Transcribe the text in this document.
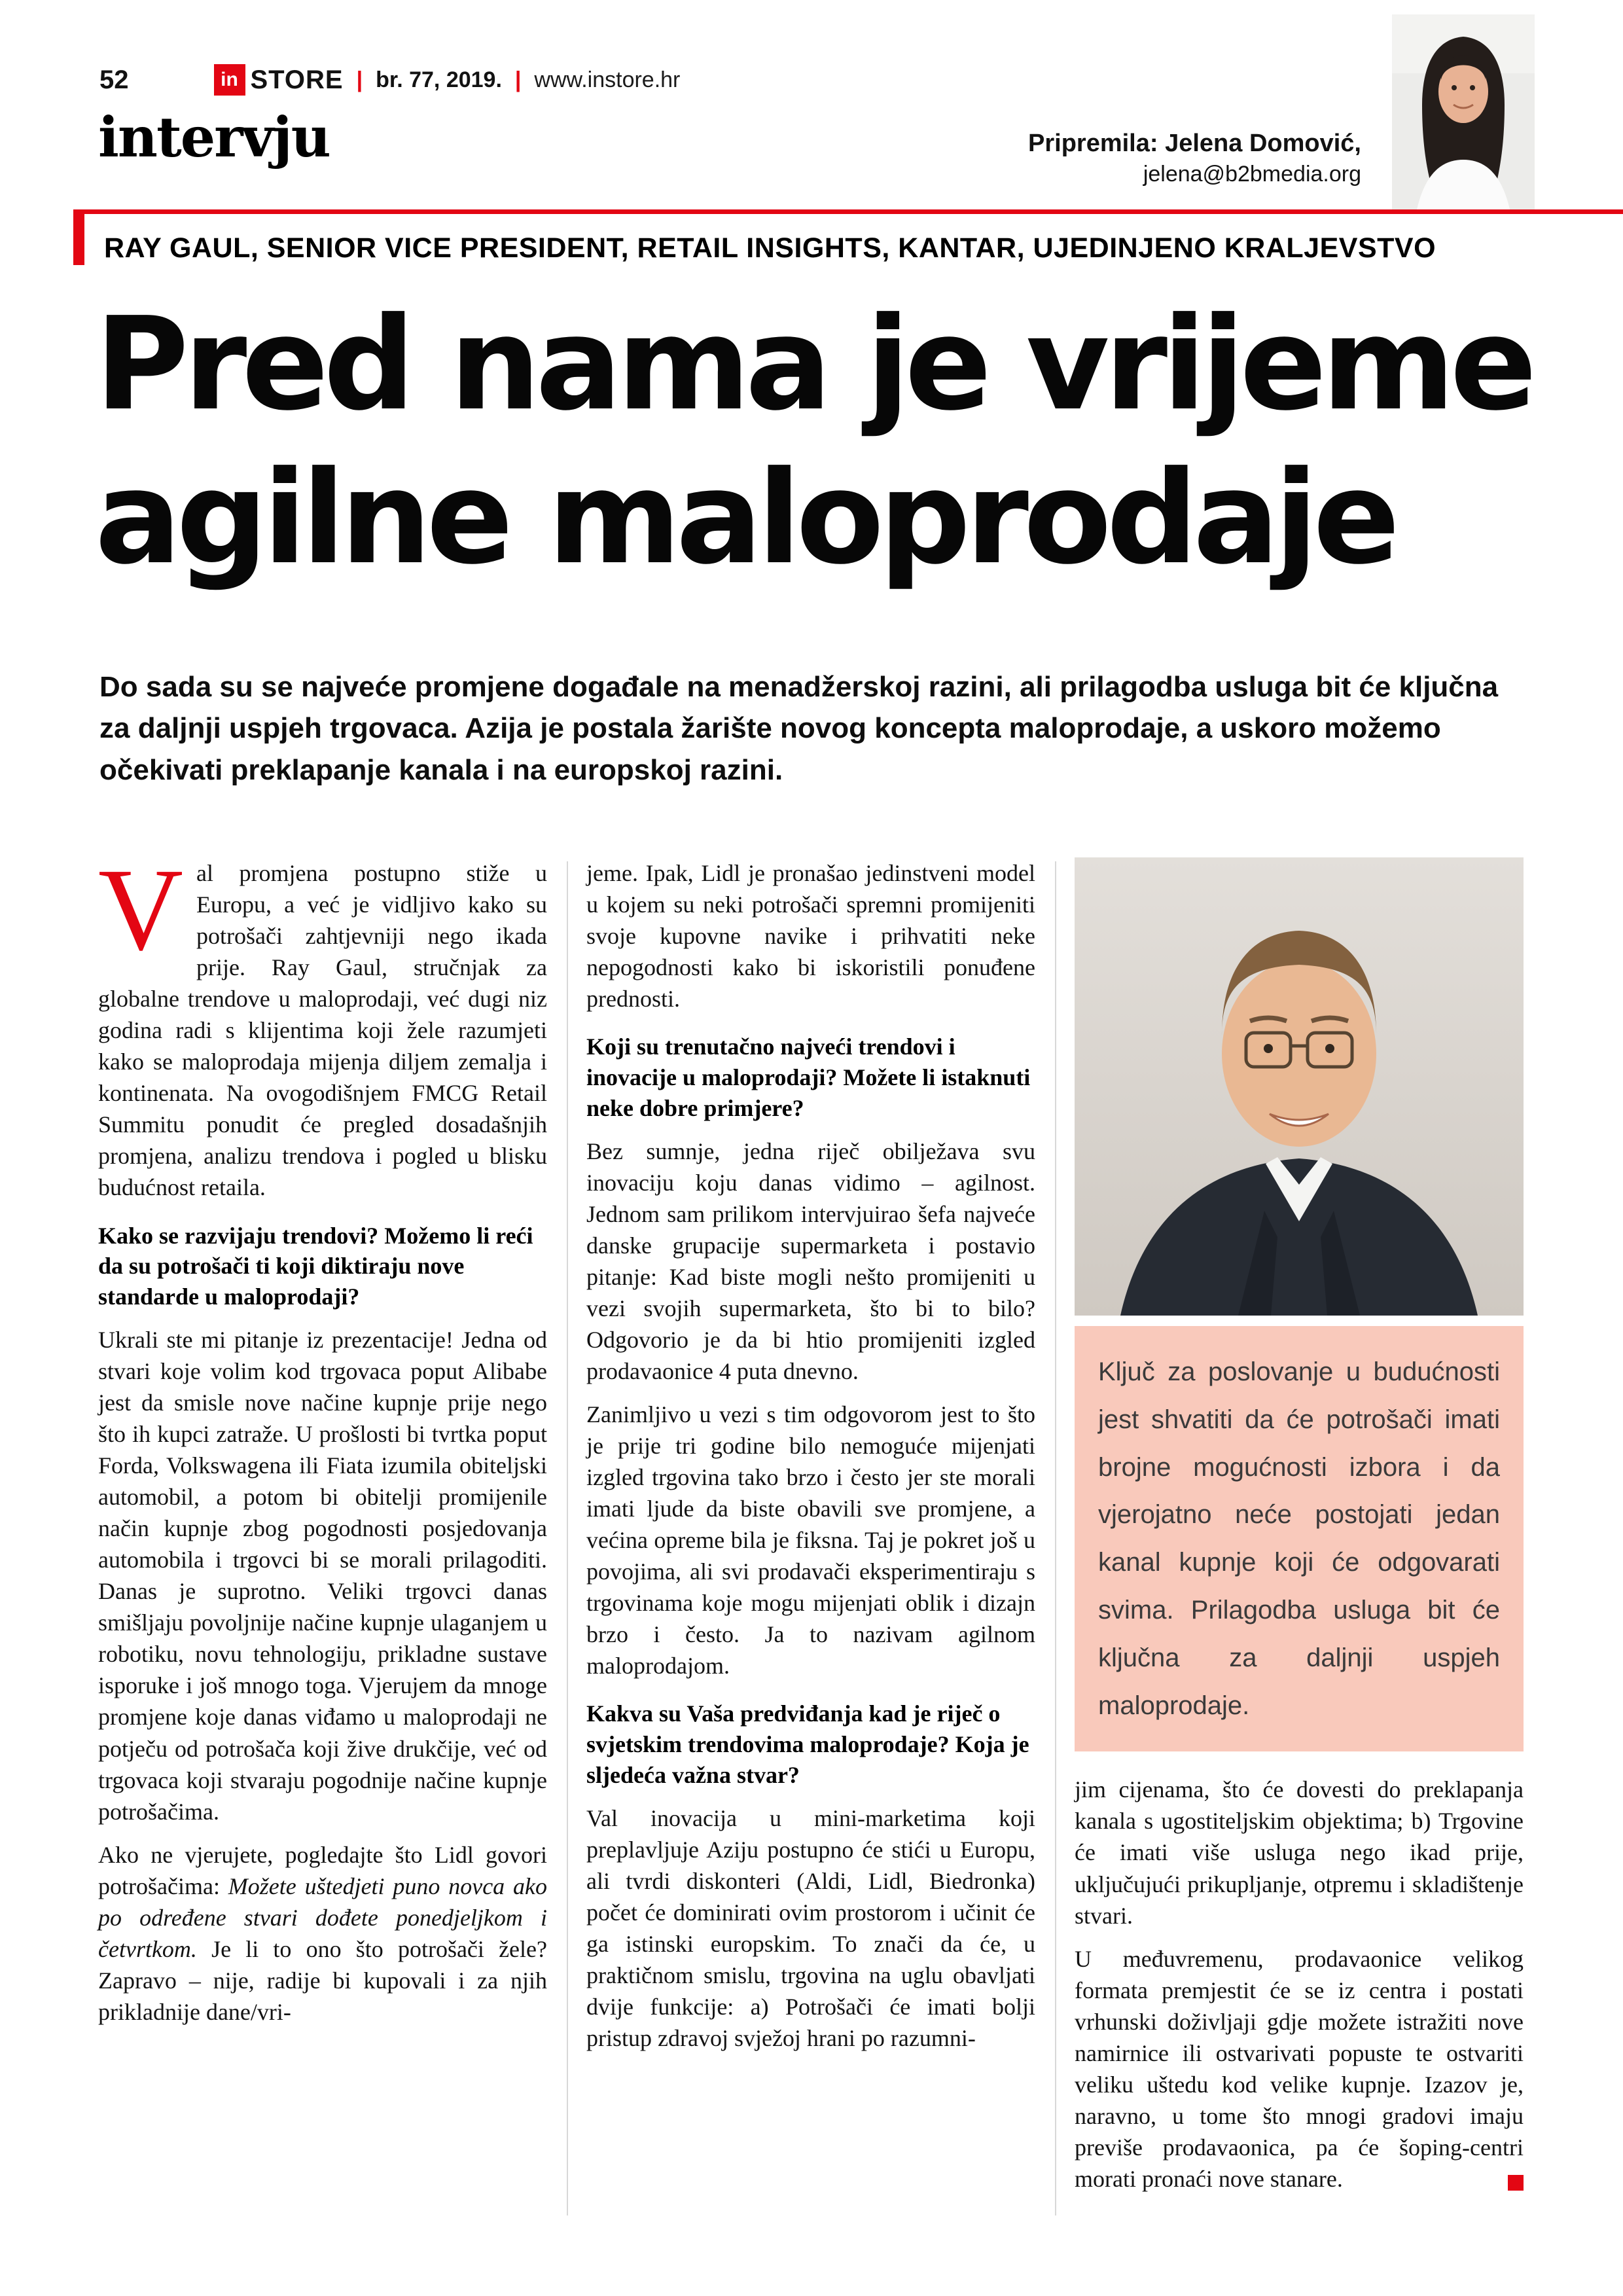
52	in STORE | br. 77, 2019. | www.instore.hr
intervju	Pripremila: Jelena Domović,
jelena@b2bmedia.org
RAY GAUL, SENIOR VICE PRESIDENT, RETAIL INSIGHTS, KANTAR, UJEDINJENO KRALJEVSTVO
Pred nama je vrijeme
agilne maloprodaje

Do sada su se najveće promjene događale na menadžerskoj razini, ali prilagodba usluga bit će ključna za daljnji uspjeh trgovaca. Azija je postala žarište novog koncepta maloprodaje, a uskoro možemo očekivati preklapanje kanala i na europskoj razini.

V al promjena postupno stiže u Europu, a već je vidljivo kako su potrošači zahtjevniji nego ikada prije. Ray Gaul, stručnjak za globalne trendove u maloprodaji, već dugi niz godina radi s klijentima koji žele razumjeti kako se maloprodaja mijenja diljem zemalja i kontinenata. Na ovogodišnjem FMCG Retail Summitu ponudit će pregled dosadašnjih promjena, analizu trendova i pogled u blisku budućnost retaila.

Kako se razvijaju trendovi? Možemo li reći da su potrošači ti koji diktiraju nove standarde u maloprodaji?

Ukrali ste mi pitanje iz prezentacije! Jedna od stvari koje volim kod trgovaca poput Alibabe jest da smisle nove načine kupnje prije nego što ih kupci zatraže. U prošlosti bi tvrtka poput Forda, Volkswagena ili Fiata izumila obiteljski automobil, a potom bi obitelji promijenile način kupnje zbog pogodnosti posjedovanja automobila i trgovci bi se morali prilagoditi. Danas je suprotno. Veliki trgovci danas smišljaju povoljnije načine kupnje ulaganjem u robotiku, novu tehnologiju, prikladne sustave isporuke i još mnogo toga. Vjerujem da mnoge promjene koje danas viđamo u maloprodaji ne potječu od potrošača koji žive drukčije, već od trgovaca koji stvaraju pogodnije načine kupnje potrošačima.

Ako ne vjerujete, pogledajte što Lidl govori potrošačima: Možete uštedjeti puno novca ako po određene stvari dođete ponedjeljkom i četvrtkom. Je li to ono što potrošači žele? Zapravo – nije, radije bi kupovali i za njih prikladnije dane/vri-

jeme. Ipak, Lidl je pronašao jedinstveni model u kojem su neki potrošači spremni promijeniti svoje kupovne navike i prihvatiti neke nepogodnosti kako bi iskoristili ponuđene prednosti.

Koji su trenutačno najveći trendovi i inovacije u maloprodaji? Možete li istaknuti neke dobre primjere?

Bez sumnje, jedna riječ obilježava svu inovaciju koju danas vidimo – agilnost. Jednom sam prilikom intervjuirao šefa najveće danske grupacije supermarketa i postavio pitanje: Kad biste mogli nešto promijeniti u vezi svojih supermarketa, što bi to bilo? Odgovorio je da bi htio promijeniti izgled prodavaonice 4 puta dnevno.

Zanimljivo u vezi s tim odgovorom jest to što je prije tri godine bilo nemoguće mijenjati izgled trgovina tako brzo i često jer ste morali imati ljude da biste obavili sve promjene, a većina opreme bila je fiksna. Taj je pokret još u povojima, ali svi prodavači eksperimentiraju s trgovinama koje mogu mijenjati oblik i dizajn brzo i često. Ja to nazivam agilnom maloprodajom.

Kakva su Vaša predviđanja kad je riječ o svjetskim trendovima maloprodaje? Koja je sljedeća važna stvar?

Val inovacija u mini-marketima koji preplavljuje Aziju postupno će stići u Europu, ali tvrdi diskonteri (Aldi, Lidl, Biedronka) počet će dominirati ovim prostorom i učinit će ga istinski europskim. To znači da će, u praktičnom smislu, trgovina na uglu obavljati dvije funkcije: a) Potrošači će imati bolji pristup zdravoj svježoj hrani po razumni-

Ključ za poslovanje u budućnosti jest shvatiti da će potrošači imati brojne mogućnosti izbora i da vjerojatno neće postojati jedan kanal kupnje koji će odgovarati svima. Prilagodba usluga bit će ključna za daljnji uspjeh maloprodaje.

jim cijenama, što će dovesti do preklapanja kanala s ugostiteljskim objektima; b) Trgovine će imati više usluga nego ikad prije, uključujući prikupljanje, otpremu i skladištenje stvari.

U međuvremenu, prodavaonice velikog formata premjestit će se iz centra i postati vrhunski doživljaji gdje možete istražiti nove namirnice ili ostvarivati popuste te ostvariti veliku uštedu kod velike kupnje. Izazov je, naravno, u tome što mnogi gradovi imaju previše prodavaonica, pa će šoping-centri morati pronaći nove stanare.
